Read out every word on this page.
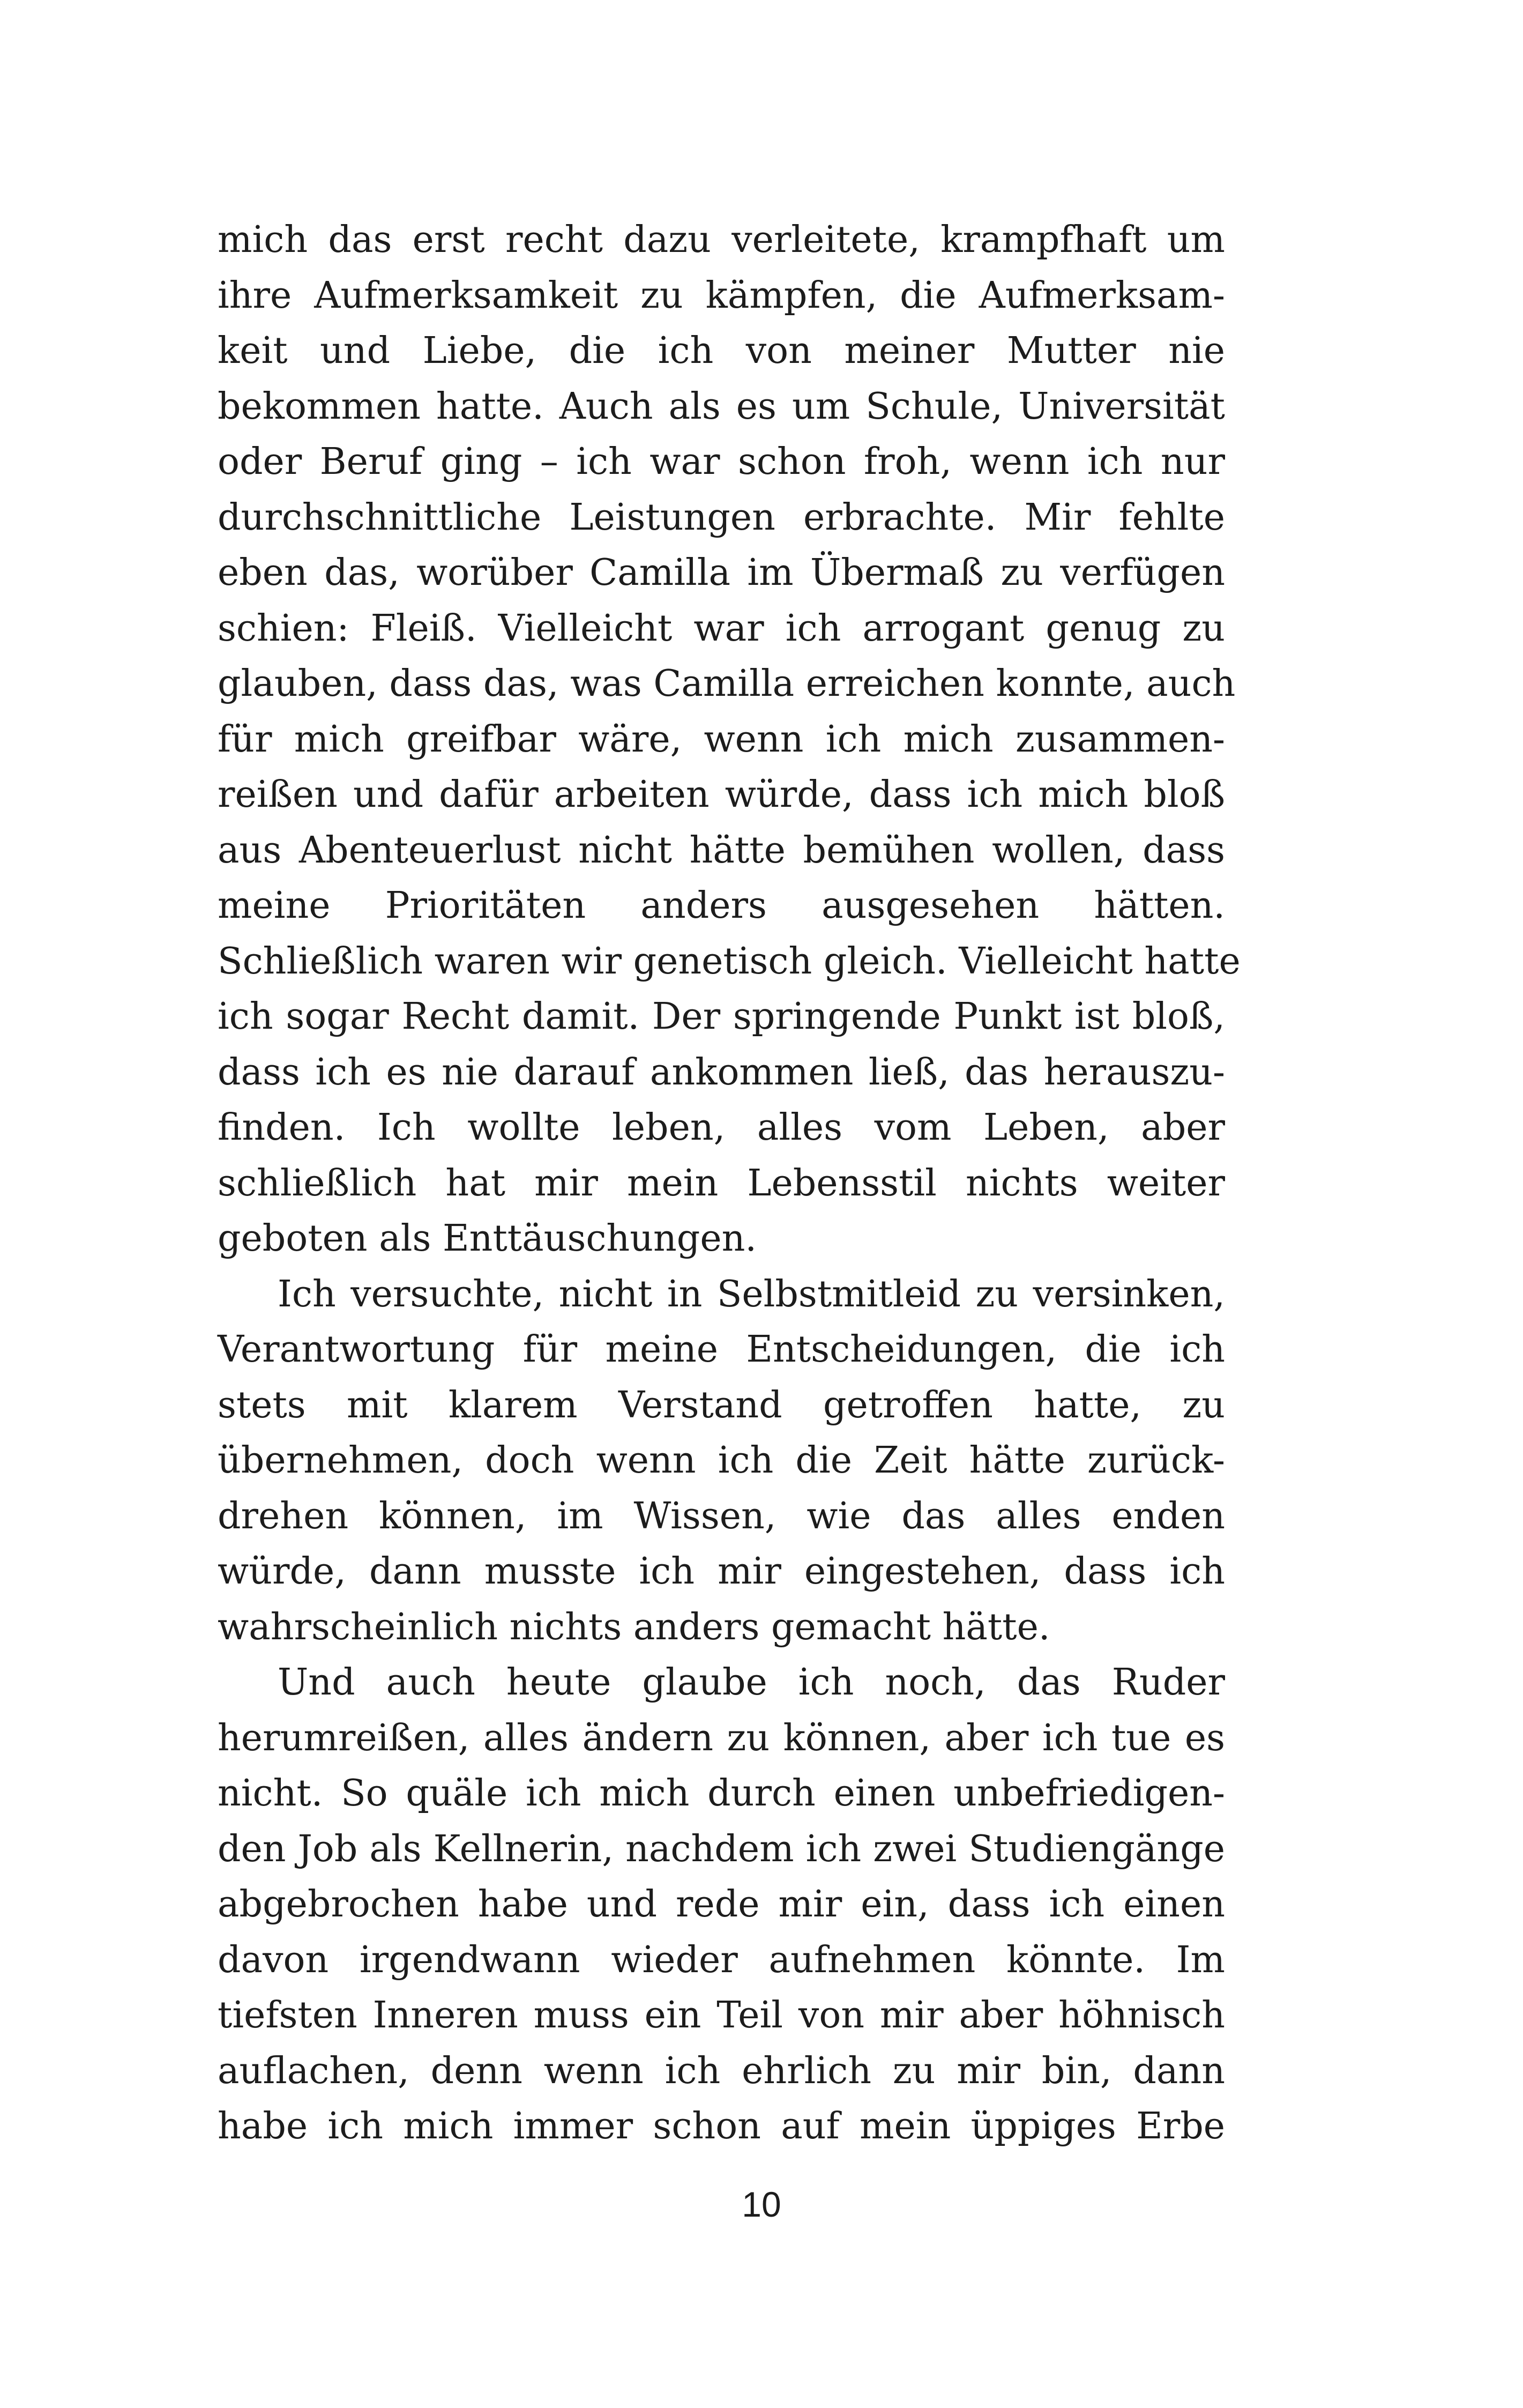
mich das erst recht dazu verleitete, krampfhaft um
ihre Aufmerksamkeit zu kämpfen, die Aufmerksam-
keit und Liebe, die ich von meiner Mutter nie
bekommen hatte. Auch als es um Schule, Universität
oder Beruf ging – ich war schon froh, wenn ich nur
durchschnittliche Leistungen erbrachte. Mir fehlte
eben das, worüber Camilla im Übermaß zu verfügen
schien: Fleiß. Vielleicht war ich arrogant genug zu
glauben, dass das, was Camilla erreichen konnte, auch
für mich greifbar wäre, wenn ich mich zusammen-
reißen und dafür arbeiten würde, dass ich mich bloß
aus Abenteuerlust nicht hätte bemühen wollen, dass
meine Prioritäten anders ausgesehen hätten.
Schließlich waren wir genetisch gleich. Vielleicht hatte
ich sogar Recht damit. Der springende Punkt ist bloß,
dass ich es nie darauf ankommen ließ, das herauszu-
finden. Ich wollte leben, alles vom Leben, aber
schließlich hat mir mein Lebensstil nichts weiter
geboten als Enttäuschungen.
Ich versuchte, nicht in Selbstmitleid zu versinken,
Verantwortung für meine Entscheidungen, die ich
stets mit klarem Verstand getroffen hatte, zu
übernehmen, doch wenn ich die Zeit hätte zurück-
drehen können, im Wissen, wie das alles enden
würde, dann musste ich mir eingestehen, dass ich
wahrscheinlich nichts anders gemacht hätte.
Und auch heute glaube ich noch, das Ruder
herumreißen, alles ändern zu können, aber ich tue es
nicht. So quäle ich mich durch einen unbefriedigen-
den Job als Kellnerin, nachdem ich zwei Studiengänge
abgebrochen habe und rede mir ein, dass ich einen
davon irgendwann wieder aufnehmen könnte. Im
tiefsten Inneren muss ein Teil von mir aber höhnisch
auflachen, denn wenn ich ehrlich zu mir bin, dann
habe ich mich immer schon auf mein üppiges Erbe
10
